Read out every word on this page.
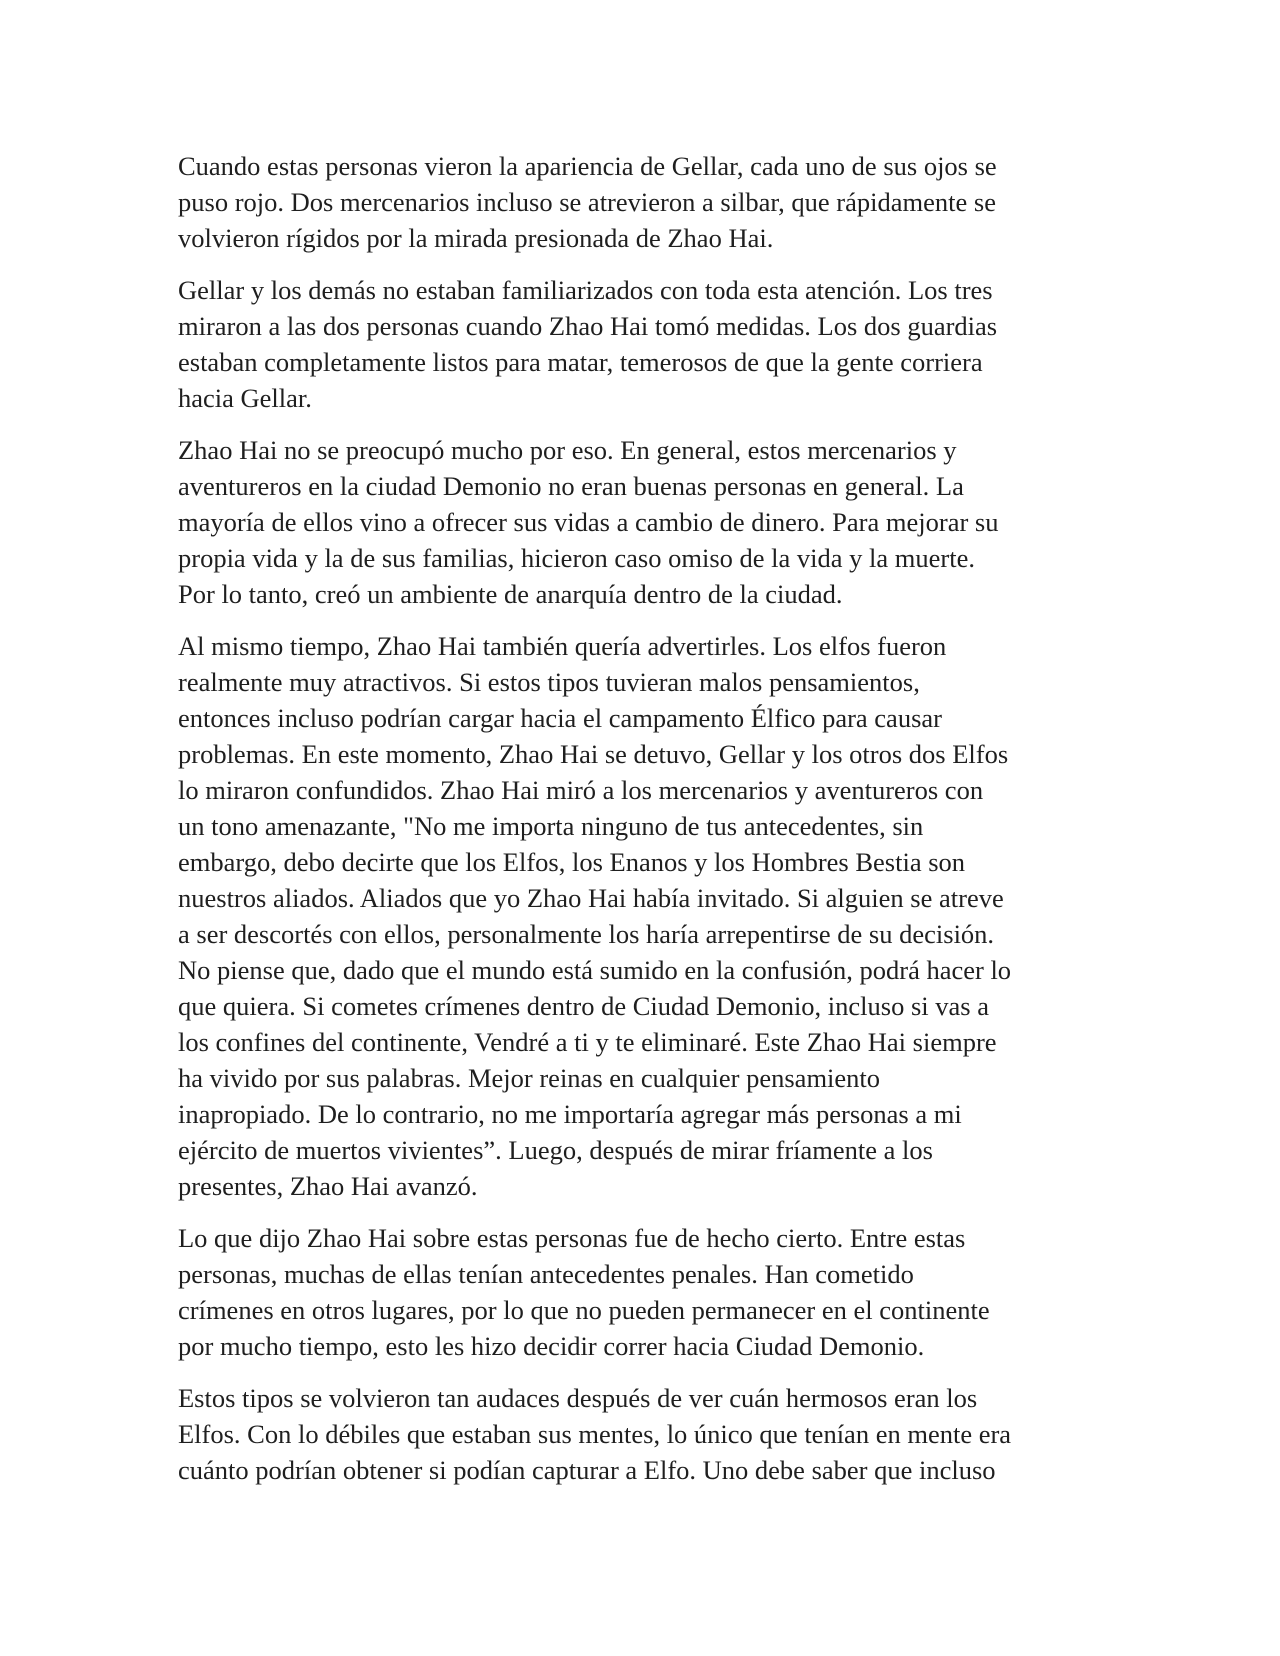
Cuando estas personas vieron la apariencia de Gellar, cada uno de sus ojos se
puso rojo. Dos mercenarios incluso se atrevieron a silbar, que rápidamente se
volvieron rígidos por la mirada presionada de Zhao Hai.

Gellar y los demás no estaban familiarizados con toda esta atención. Los tres
miraron a las dos personas cuando Zhao Hai tomó medidas. Los dos guardias
estaban completamente listos para matar, temerosos de que la gente corriera
hacia Gellar.

Zhao Hai no se preocupó mucho por eso. En general, estos mercenarios y
aventureros en la ciudad Demonio no eran buenas personas en general. La
mayoría de ellos vino a ofrecer sus vidas a cambio de dinero. Para mejorar su
propia vida y la de sus familias, hicieron caso omiso de la vida y la muerte.
Por lo tanto, creó un ambiente de anarquía dentro de la ciudad.

Al mismo tiempo, Zhao Hai también quería advertirles. Los elfos fueron
realmente muy atractivos. Si estos tipos tuvieran malos pensamientos,
entonces incluso podrían cargar hacia el campamento Élfico para causar
problemas. En este momento, Zhao Hai se detuvo, Gellar y los otros dos Elfos
lo miraron confundidos. Zhao Hai miró a los mercenarios y aventureros con
un tono amenazante, "No me importa ninguno de tus antecedentes, sin
embargo, debo decirte que los Elfos, los Enanos y los Hombres Bestia son
nuestros aliados. Aliados que yo Zhao Hai había invitado. Si alguien se atreve
a ser descortés con ellos, personalmente los haría arrepentirse de su decisión.
No piense que, dado que el mundo está sumido en la confusión, podrá hacer lo
que quiera. Si cometes crímenes dentro de Ciudad Demonio, incluso si vas a
los confines del continente, Vendré a ti y te eliminaré. Este Zhao Hai siempre
ha vivido por sus palabras. Mejor reinas en cualquier pensamiento
inapropiado. De lo contrario, no me importaría agregar más personas a mi
ejército de muertos vivientes”. Luego, después de mirar fríamente a los
presentes, Zhao Hai avanzó.

Lo que dijo Zhao Hai sobre estas personas fue de hecho cierto. Entre estas
personas, muchas de ellas tenían antecedentes penales. Han cometido
crímenes en otros lugares, por lo que no pueden permanecer en el continente
por mucho tiempo, esto les hizo decidir correr hacia Ciudad Demonio.

Estos tipos se volvieron tan audaces después de ver cuán hermosos eran los
Elfos. Con lo débiles que estaban sus mentes, lo único que tenían en mente era
cuánto podrían obtener si podían capturar a Elfo. Uno debe saber que incluso
